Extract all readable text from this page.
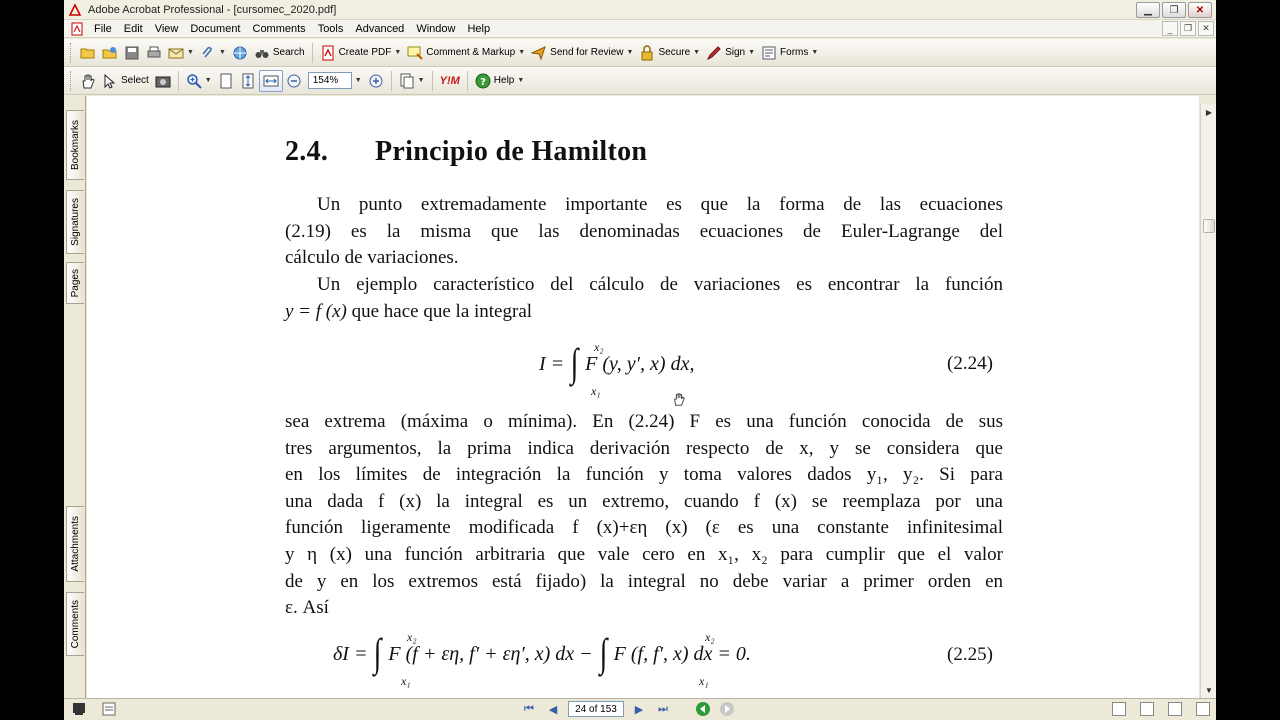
Adobe Acrobat Professional - [cursomec_2020.pdf]	▁ ❐ ✕
File	Edit	View	Document	Comments	Tools	Advanced	Window	Help	_ ❐ ✕
▼	▼	Search	Create PDF ▼	Comment & Markup ▼	Send for Review ▼	Secure ▼	Sign ▼	Forms ▼
Select	▼	154%	▼	▼ Y!M ? Help ▼
Bookmarks
Signatures
Pages
Attachments
Comments
2.4. Principio de Hamilton
Un punto extremadamente importante es que la forma de las ecuaciones
(2.19) es la misma que las denominadas ecuaciones de Euler-Lagrange del
cálculo de variaciones.
Un ejemplo característico del cálculo de variaciones es encontrar la función
y = f (x) que hace que la integral
I = ∫ x₂
x₁
F (y, y′, x) dx,	(2.24)
sea extrema (máxima o mínima). En (2.24) F es una función conocida de sus
tres argumentos, la prima indica derivación respecto de x, y se considera que
en los límites de integración la función y toma valores dados y₁, y₂. Si para
una dada f (x) la integral es un extremo, cuando f (x) se reemplaza por una
función ligeramente modificada f (x)+εη (x) (ε es una constante infinitesimal
y η (x) una función arbitraria que vale cero en x₁, x₂ para cumplir que el valor
de y en los extremos está fijado) la integral no debe variar a primer orden en
ε. Así
δI = ∫ x₂
x₁
F (f + εη, f′ + εη′, x) dx − ∫	x₂
x₁
F (f, f′, x) dx = 0.	(2.25)
▶
▼
⏮ ◀	24 of 153	▶ ⏭
